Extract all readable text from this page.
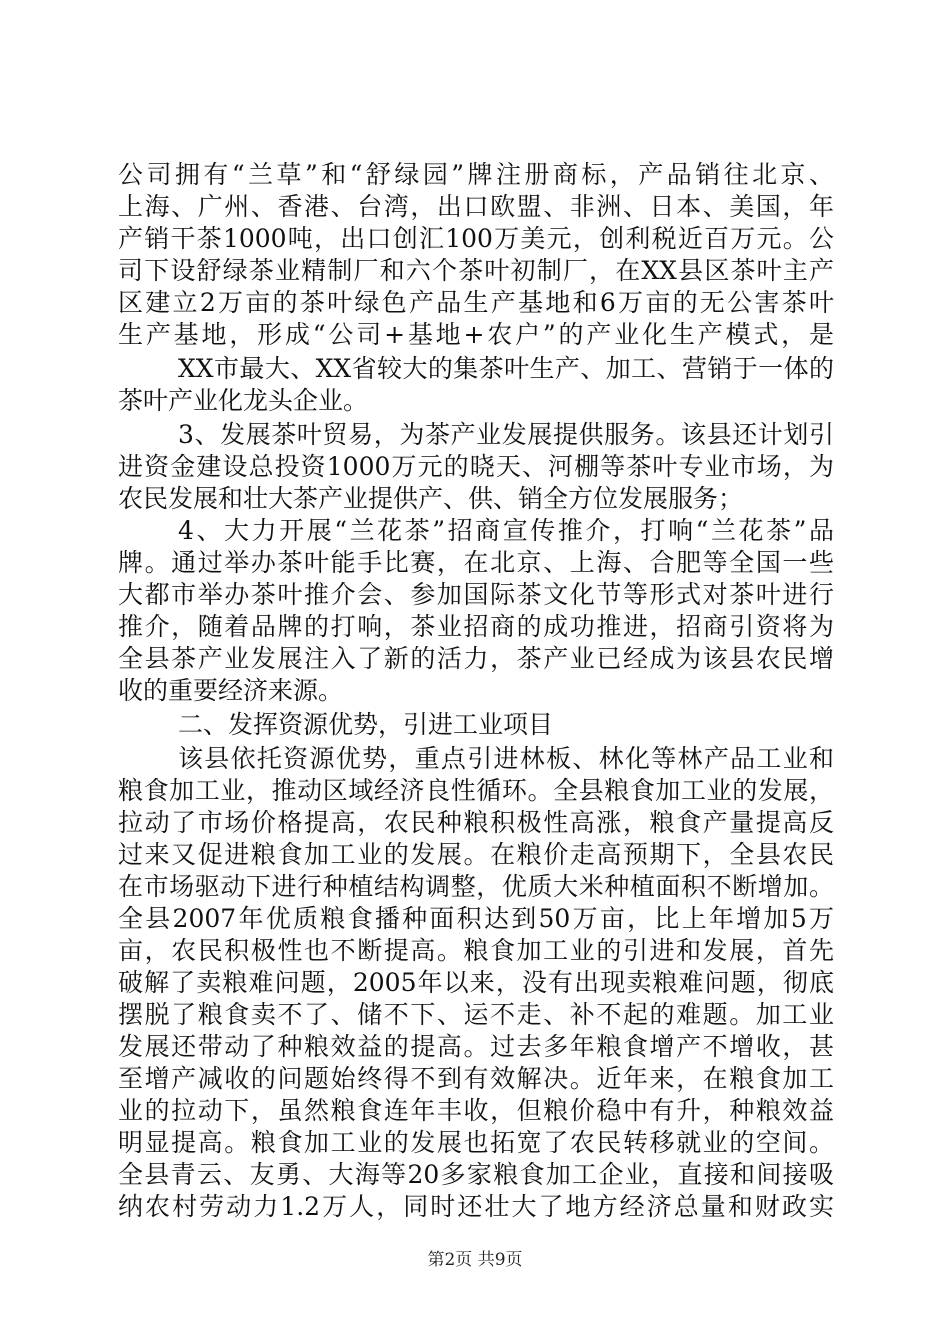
公司拥有“兰草”和“舒绿园”牌注册商标，产品销往北京、
上海、广州、香港、台湾，出口欧盟、非洲、日本、美国，年
产销干茶1000吨，出口创汇100万美元，创利税近百万元。公
司下设舒绿茶业精制厂和六个茶叶初制厂，在XX县区茶叶主产
区建立2万亩的茶叶绿色产品生产基地和6万亩的无公害茶叶
生产基地，形成“公司+基地+农户”的产业化生产模式，是
XX市最大、XX省较大的集茶叶生产、加工、营销于一体的
茶叶产业化龙头企业。
3、发展茶叶贸易，为茶产业发展提供服务。该县还计划引
进资金建设总投资1000万元的晓天、河棚等茶叶专业市场，为
农民发展和壮大茶产业提供产、供、销全方位发展服务；
4、大力开展“兰花茶”招商宣传推介，打响“兰花茶”品
牌。通过举办茶叶能手比赛，在北京、上海、合肥等全国一些
大都市举办茶叶推介会、参加国际茶文化节等形式对茶叶进行
推介，随着品牌的打响，茶业招商的成功推进，招商引资将为
全县茶产业发展注入了新的活力，茶产业已经成为该县农民增
收的重要经济来源。
二、发挥资源优势，引进工业项目
该县依托资源优势，重点引进林板、林化等林产品工业和
粮食加工业，推动区域经济良性循环。全县粮食加工业的发展，
拉动了市场价格提高，农民种粮积极性高涨，粮食产量提高反
过来又促进粮食加工业的发展。在粮价走高预期下，全县农民
在市场驱动下进行种植结构调整，优质大米种植面积不断增加。
全县2007年优质粮食播种面积达到50万亩，比上年增加5万
亩，农民积极性也不断提高。粮食加工业的引进和发展，首先
破解了卖粮难问题，2005年以来，没有出现卖粮难问题，彻底
摆脱了粮食卖不了、储不下、运不走、补不起的难题。加工业
发展还带动了种粮效益的提高。过去多年粮食增产不增收，甚
至增产减收的问题始终得不到有效解决。近年来，在粮食加工
业的拉动下，虽然粮食连年丰收，但粮价稳中有升，种粮效益
明显提高。粮食加工业的发展也拓宽了农民转移就业的空间。
全县青云、友勇、大海等20多家粮食加工企业，直接和间接吸
纳农村劳动力1.2万人，同时还壮大了地方经济总量和财政实
第2页 共9页
